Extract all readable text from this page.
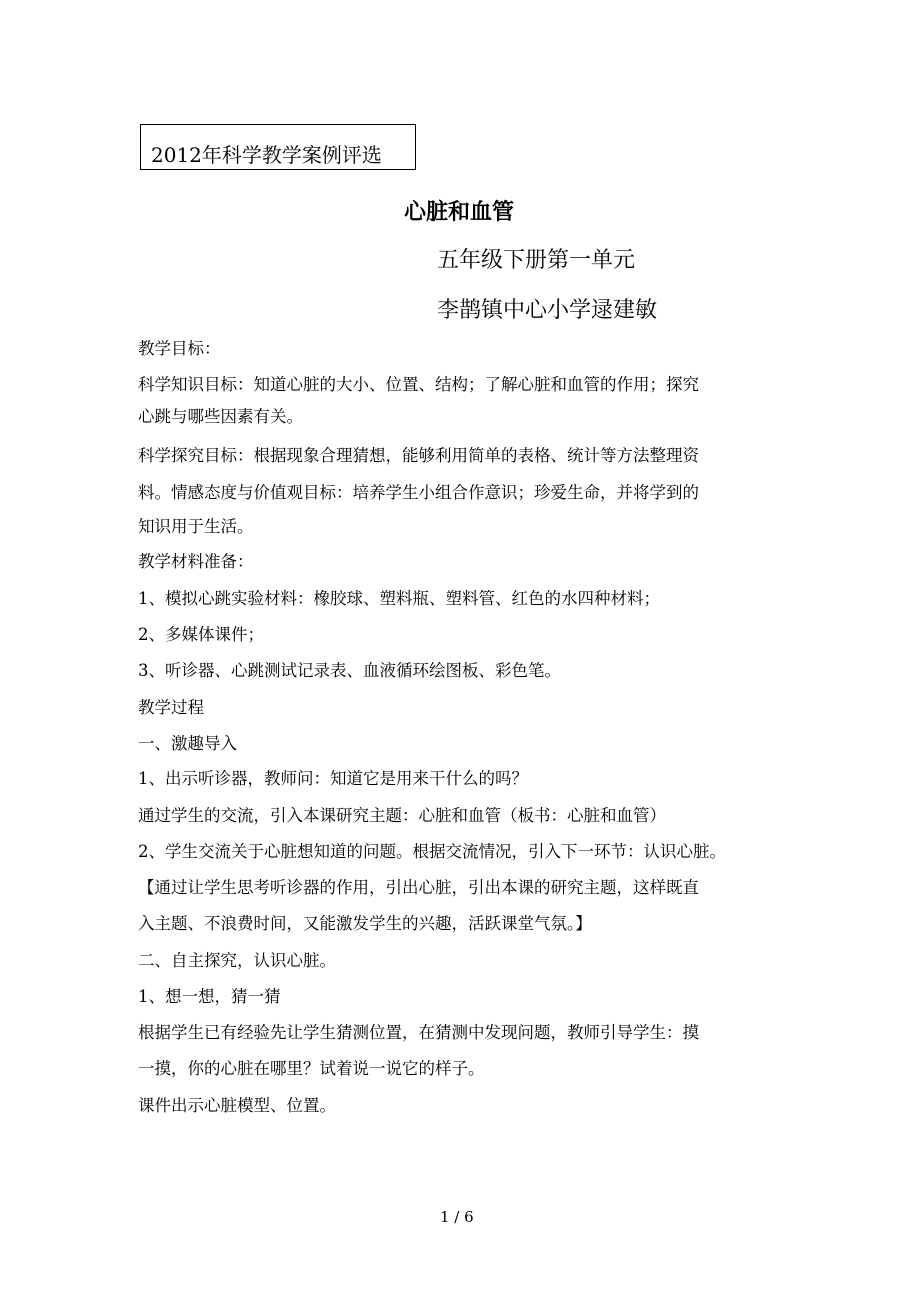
2012年科学教学案例评选
心脏和血管
五年级下册第一单元
李鹊镇中心小学逯建敏
教学目标：
科学知识目标：知道心脏的大小、位置、结构；了解心脏和血管的作用；探究
心跳与哪些因素有关。
科学探究目标：根据现象合理猜想，能够利用简单的表格、统计等方法整理资
料。情感态度与价值观目标：培养学生小组合作意识；珍爱生命，并将学到的
知识用于生活。
教学材料准备：
1、模拟心跳实验材料：橡胶球、塑料瓶、塑料管、红色的水四种材料；
2、多媒体课件；
3、听诊器、心跳测试记录表、血液循环绘图板、彩色笔。
教学过程
一、激趣导入
1、出示听诊器，教师问：知道它是用来干什么的吗？
通过学生的交流，引入本课研究主题：心脏和血管（板书：心脏和血管）
2、学生交流关于心脏想知道的问题。根据交流情况，引入下一环节：认识心脏。
【通过让学生思考听诊器的作用，引出心脏，引出本课的研究主题，这样既直
入主题、不浪费时间，又能激发学生的兴趣，活跃课堂气氛。】
二、自主探究，认识心脏。
1、想一想，猜一猜
根据学生已有经验先让学生猜测位置，在猜测中发现问题，教师引导学生：摸
一摸，你的心脏在哪里？试着说一说它的样子。
课件出示心脏模型、位置。
1 / 6
